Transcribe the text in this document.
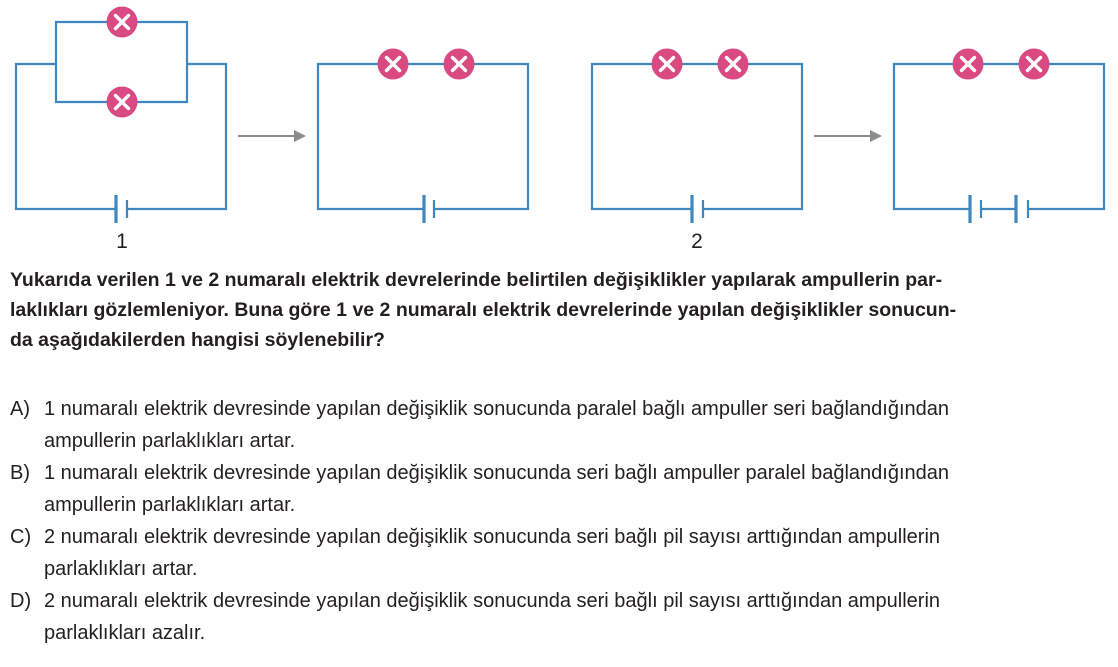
1	2

Yukarıda verilen 1 ve 2 numaralı elektrik devrelerinde belirtilen değişiklikler yapılarak ampullerin par-
laklıkları gözlemleniyor. Buna göre 1 ve 2 numaralı elektrik devrelerinde yapılan değişiklikler sonucun-
da aşağıdakilerden hangisi söylenebilir?

A) 1 numaralı elektrik devresinde yapılan değişiklik sonucunda paralel bağlı ampuller seri bağlandığından
ampullerin parlaklıkları artar.
B) 1 numaralı elektrik devresinde yapılan değişiklik sonucunda seri bağlı ampuller paralel bağlandığından
ampullerin parlaklıkları artar.
C) 2 numaralı elektrik devresinde yapılan değişiklik sonucunda seri bağlı pil sayısı arttığından ampullerin
parlaklıkları artar.
D) 2 numaralı elektrik devresinde yapılan değişiklik sonucunda seri bağlı pil sayısı arttığından ampullerin
parlaklıkları azalır.
